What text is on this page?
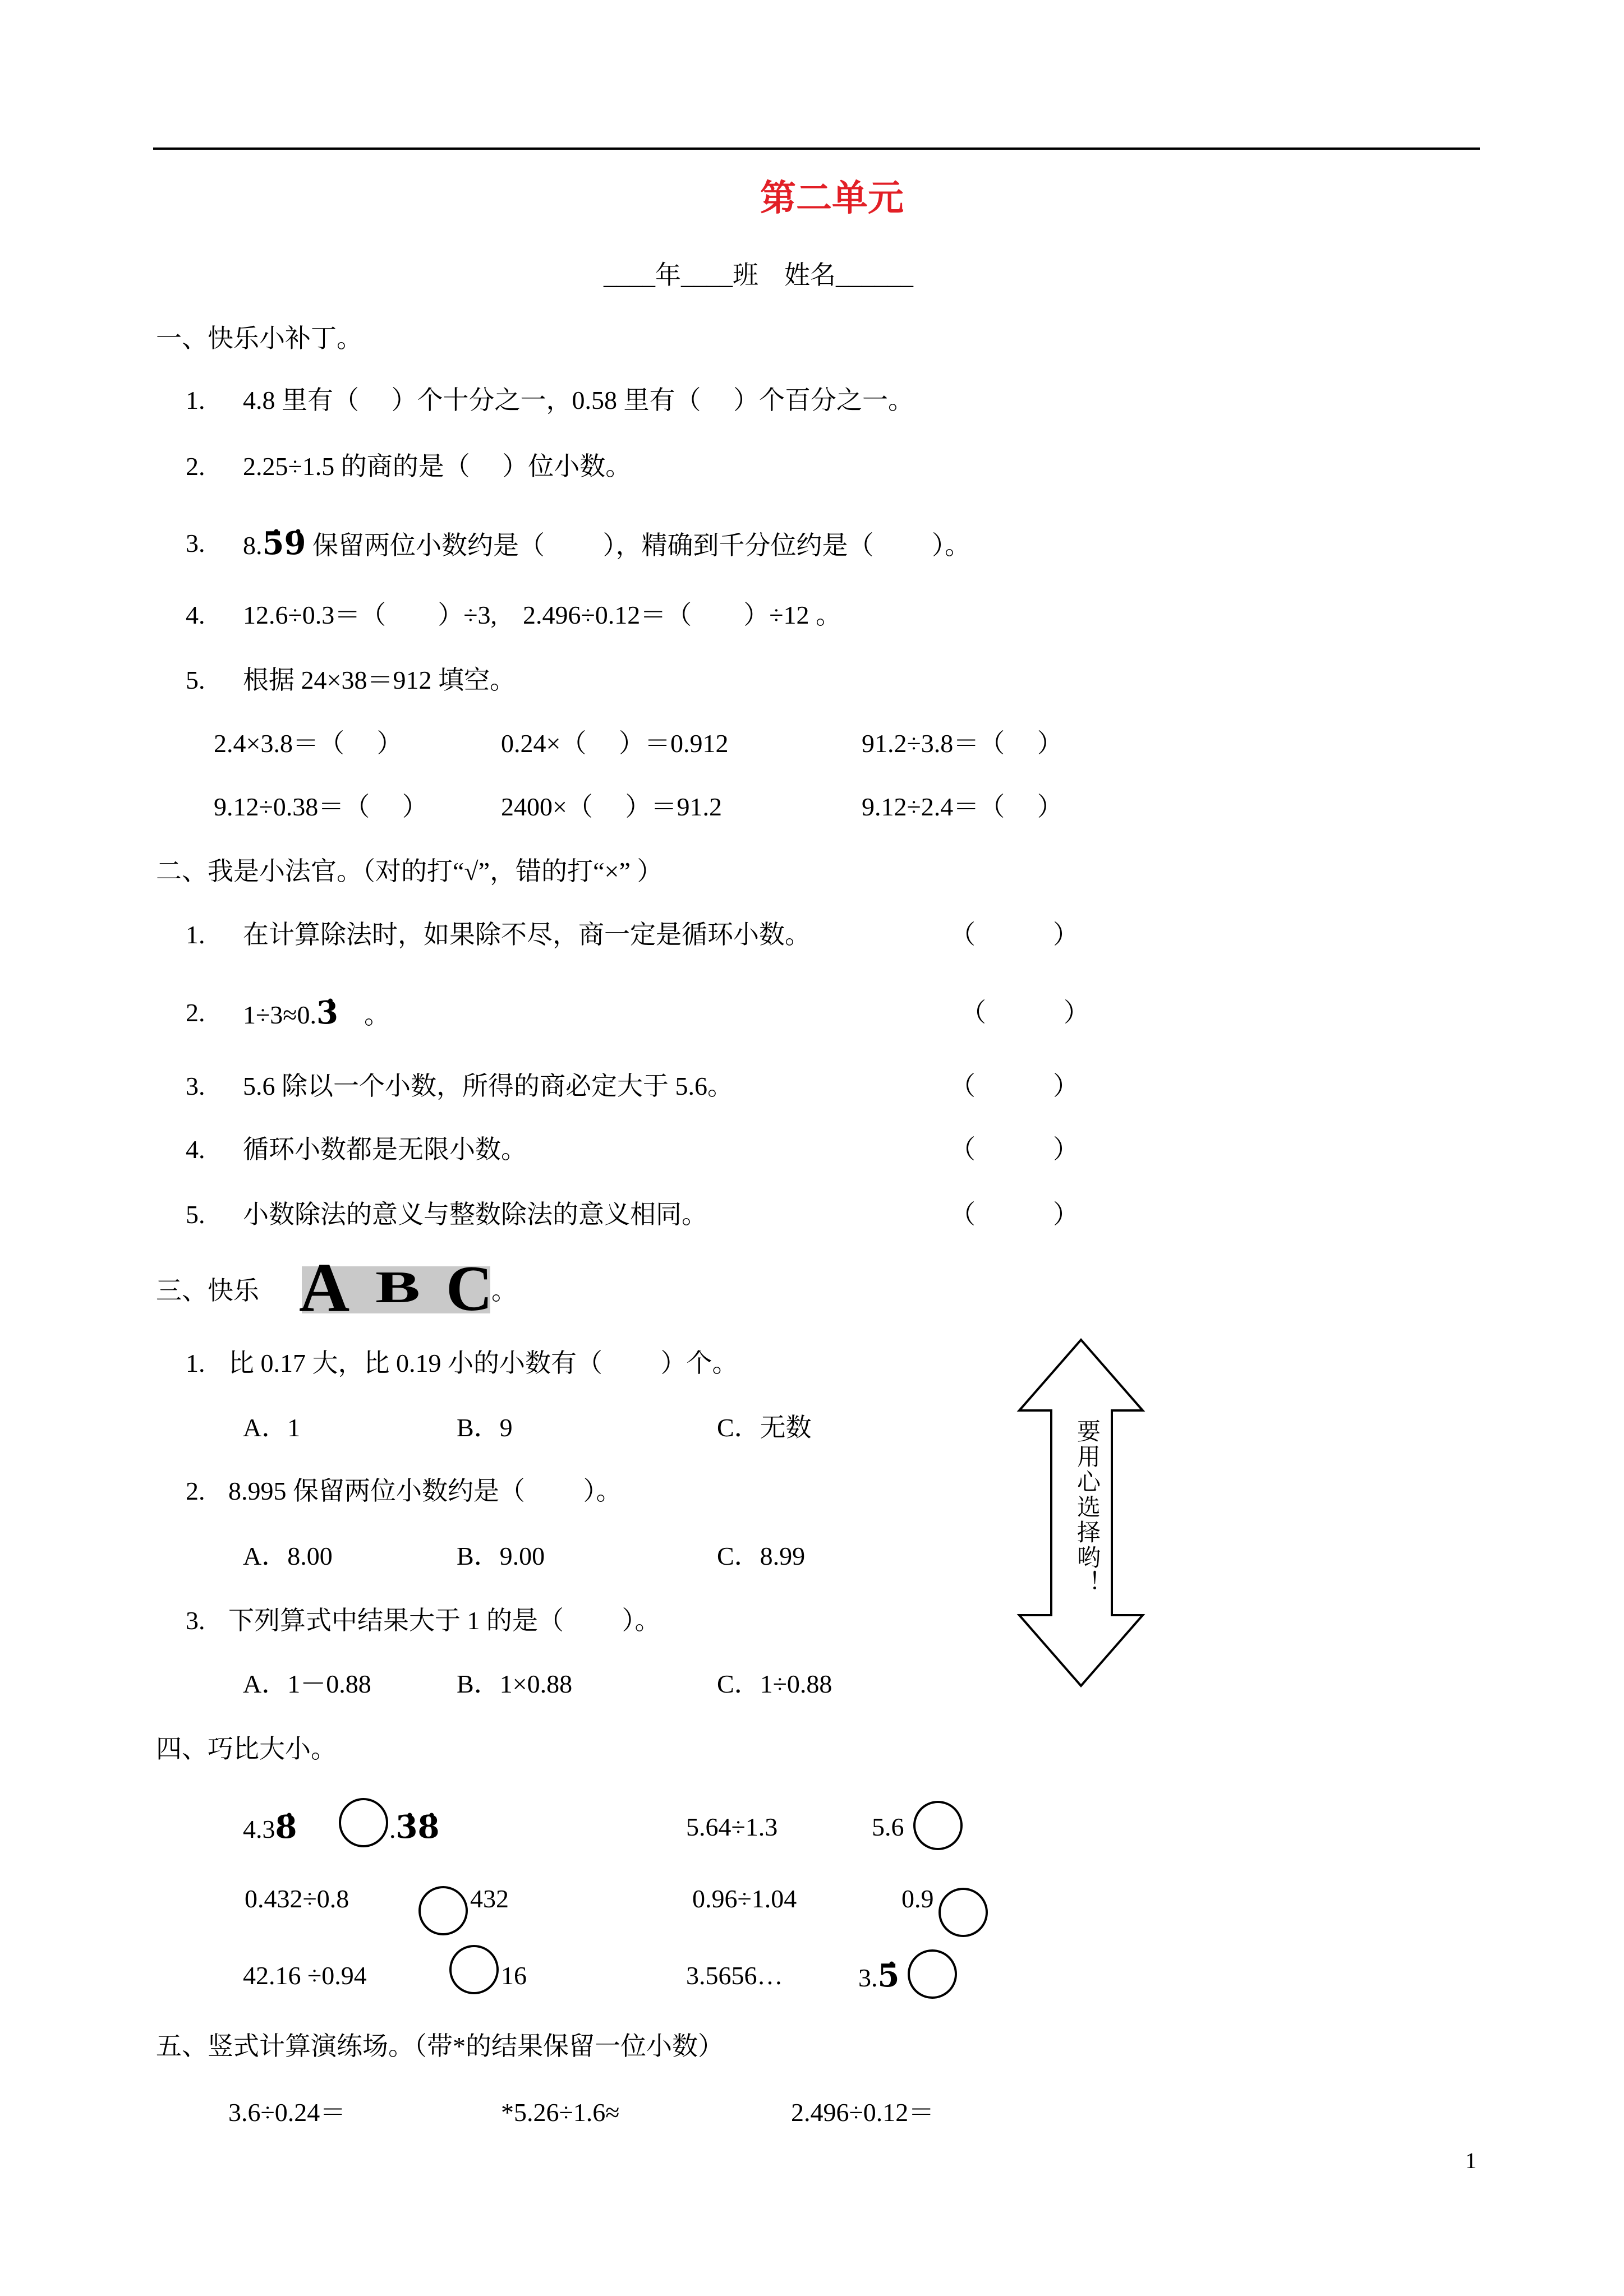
第二单元
____年____班　姓名______
一、快乐小补丁。
1. 4.8 里有（　 ）个十分之一，0.58 里有（　 ）个百分之一。
2. 2.25÷1.5 的商的是（　 ）位小数。
3. 8.5̇9̇ 保留两位小数约是（　　 ），精确到千分位约是（　　 ）。
4. 12.6÷0.3＝（　　）÷3,　2.496÷0.12＝（　　）÷12 。
5. 根据 24×38＝912 填空。
2.4×3.8＝（　 ）	0.24×（　 ）＝0.912	91.2÷3.8＝（　 ）
9.12÷0.38＝（　 ）	2400×（　 ）＝91.2	9.12÷2.4＝（　 ）
二、我是小法官。（对的打“√”，错的打“×” ）
1. 在计算除法时，如果除不尽，商一定是循环小数。	（　　　）
2. 1÷3≈0.3̇　。	（　　　）
3. 5.6 除以一个小数，所得的商必定大于 5.6。	（　　　）
4. 循环小数都是无限小数。	（　　　）
5. 小数除法的意义与整数除法的意义相同。	（　　　）
三、快乐 A B C
。
1. 比 0.17 大，比 0.19 小的小数有（　　 ）个。
A．1	B．9	C．无数
2. 8.995 保留两位小数约是（　　 ）。
A．8.00	B．9.00	C．8.99
3. 下列算式中结果大于 1 的是（　　 ）。
A．1－0.88	B．1×0.88	C．1÷0.88
要用心选择哟！
四、巧比大小。
4.38̇	.3̇8̇	5.64÷1.3	5.6
0.432÷0.8	432	0.96÷1.04	0.9
42.16 ÷0.94	16	3.5656…	3.5̇
五、竖式计算演练场。（带*的结果保留一位小数）
3.6÷0.24＝	*5.26÷1.6≈	2.496÷0.12＝
1
